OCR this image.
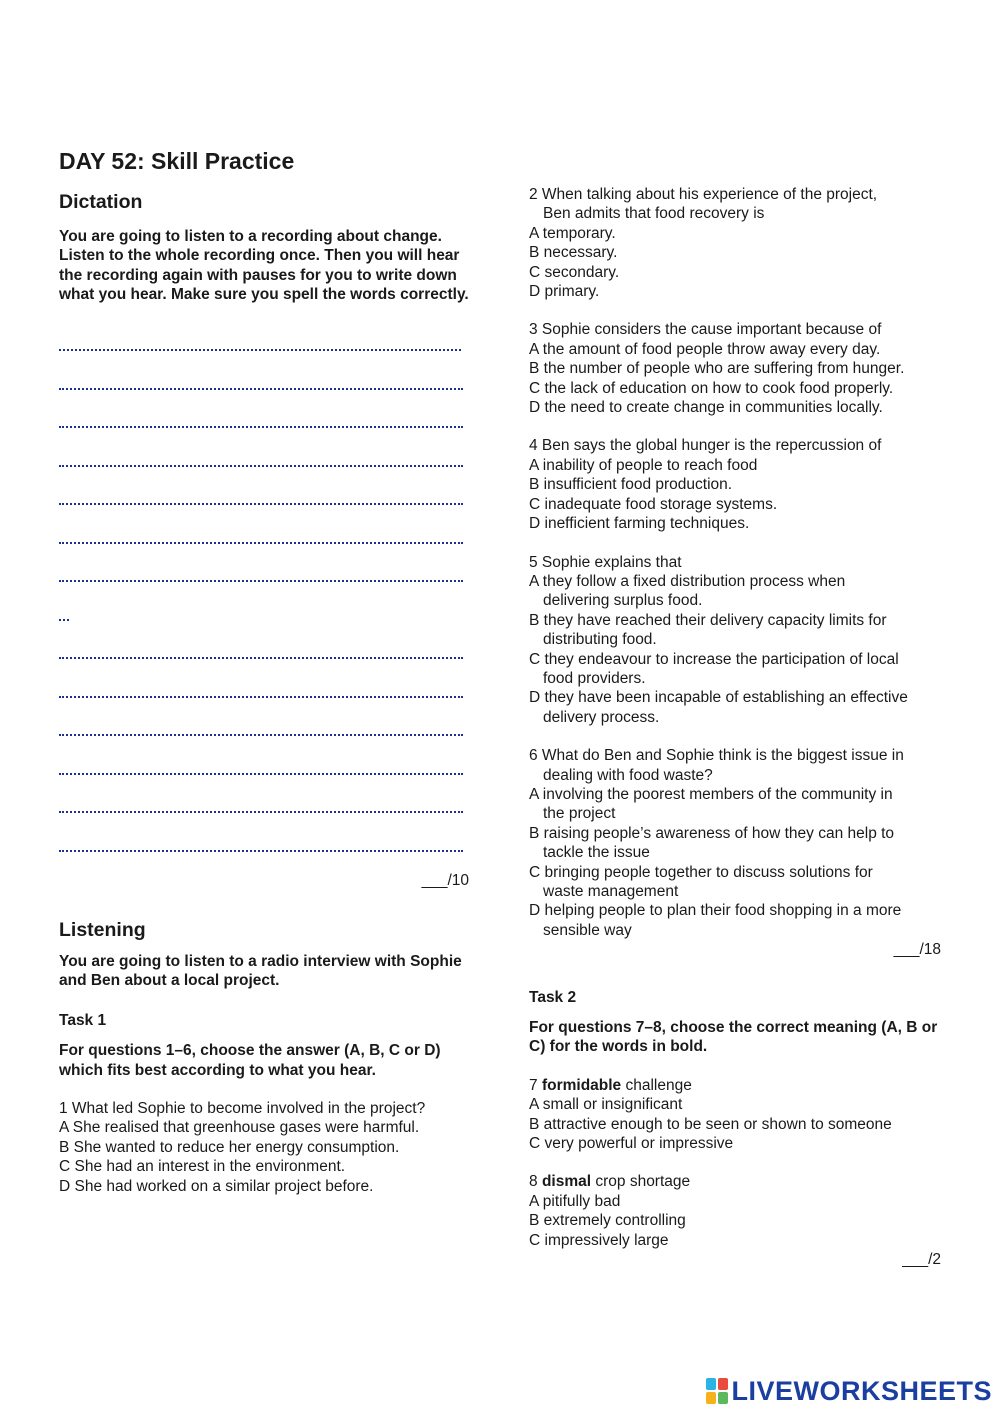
DAY 52: Skill Practice
Dictation

You are going to listen to a recording about change. Listen to the whole recording once. Then you will hear the recording again with pauses for you to write down what you hear. Make sure you spell the words correctly.

___/10

Listening

You are going to listen to a radio interview with Sophie and Ben about a local project.

Task 1

For questions 1–6, choose the answer (A, B, C or D) which fits best according to what you hear.

1 What led Sophie to become involved in the project?

A She realised that greenhouse gases were harmful.

B She wanted to reduce her energy consumption.

C She had an interest in the environment.

D She had worked on a similar project before.

2 When talking about his experience of the project,

Ben admits that food recovery is

A temporary.

B necessary.

C secondary.

D primary.

3 Sophie considers the cause important because of

A the amount of food people throw away every day.

B the number of people who are suffering from hunger.

C the lack of education on how to cook food properly.

D the need to create change in communities locally.

4 Ben says the global hunger is the repercussion of

A inability of people to reach food

B insufficient food production.

C inadequate food storage systems.

D inefficient farming techniques.

5 Sophie explains that

A they follow a fixed distribution process when

delivering surplus food.

B they have reached their delivery capacity limits for

distributing food.

C they endeavour to increase the participation of local

food providers.

D they have been incapable of establishing an effective

delivery process.

6 What do Ben and Sophie think is the biggest issue in

dealing with food waste?

A involving the poorest members of the community in

the project

B raising people’s awareness of how they can help to

tackle the issue

C bringing people together to discuss solutions for

waste management

D helping people to plan their food shopping in a more

sensible way

___/18

Task 2

For questions 7–8, choose the correct meaning (A, B or C) for the words in bold.

7 formidable challenge

A small or insignificant

B attractive enough to be seen or shown to someone

C very powerful or impressive

8 dismal crop shortage

A pitifully bad

B extremely controlling

C impressively large

___/2

LIVEWORKSHEETS
